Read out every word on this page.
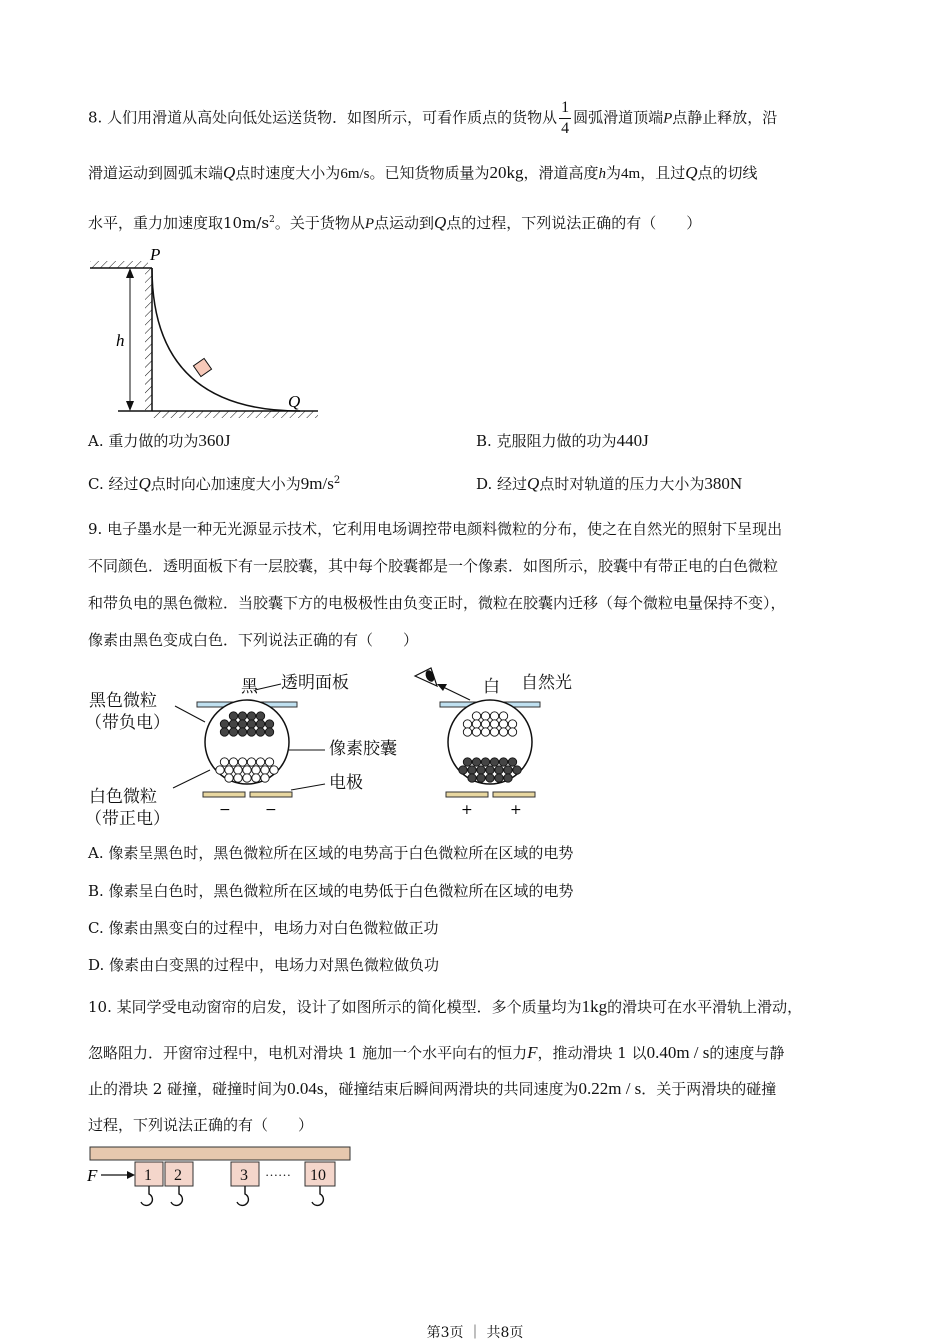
8. 人们用滑道从高处向低处运送货物．如图所示，可看作质点的货物从 $\frac{1}{4}$ 圆弧滑道顶端P点静止释放，沿
滑道运动到圆弧末端Q点时速度大小为6m/s。已知货物质量为20kg，滑道高度h为4m，且过Q点的切线
水平，重力加速度取$10m/s^2$。关于货物从P点运动到Q点的过程，下列说法正确的有（　　）
h
P
Q
A. 重力做的功为360J	B. 克服阻力做的功为440J
C. 经过Q点时向心加速度大小为$9m/s^2$	D. 经过Q点时对轨道的压力大小为380N
9. 电子墨水是一种无光源显示技术，它利用电场调控带电颜料微粒的分布，使之在自然光的照射下呈现出
不同颜色．透明面板下有一层胶囊，其中每个胶囊都是一个像素．如图所示，胶囊中有带正电的白色微粒
和带负电的黑色微粒．当胶囊下方的电极极性由负变正时，微粒在胶囊内迁移（每个微粒电量保持不变），
像素由黑色变成白色．下列说法正确的有（　　）
黑 透明面板
黑色微粒
（带负电）
像素胶囊
电极
白色微粒
（带正电）
白 自然光
− −	+	+
A. 像素呈黑色时，黑色微粒所在区域的电势高于白色微粒所在区域的电势
B. 像素呈白色时，黑色微粒所在区域的电势低于白色微粒所在区域的电势
C. 像素由黑变白的过程中，电场力对白色微粒做正功
D. 像素由白变黑的过程中，电场力对黑色微粒做负功
10. 某同学受电动窗帘的启发，设计了如图所示的简化模型．多个质量均为1kg的滑块可在水平滑轨上滑动，
忽略阻力．开窗帘过程中，电机对滑块 1 施加一个水平向右的恒力F，推动滑块 1 以0.40m / s的速度与静
止的滑块 2 碰撞，碰撞时间为0.04s，碰撞结束后瞬间两滑块的共同速度为0.22m / s．关于两滑块的碰撞
过程，下列说法正确的有（　　）
F	1 2	3 …… 10
第3页 ｜ 共8页
